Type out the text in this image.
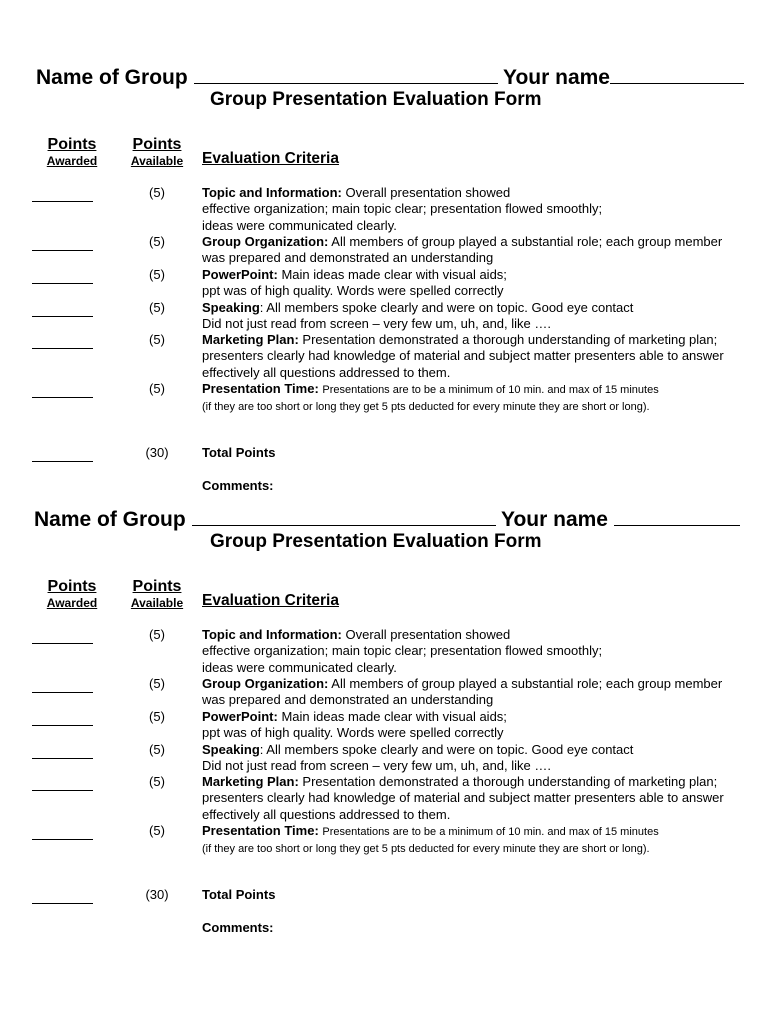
Name of Group	Your name
Group Presentation Evaluation Form
Points
Awarded
Points
Available	Evaluation Criteria
(5)	Topic and Information: Overall presentation showed
effective organization; main topic clear; presentation flowed smoothly;
ideas were communicated clearly.
(5)	Group Organization: All members of group played a substantial role; each group member
was prepared and demonstrated an understanding
(5)	PowerPoint: Main ideas made clear with visual aids;
ppt was of high quality. Words were spelled correctly
(5)	Speaking: All members spoke clearly and were on topic. Good eye contact
Did not just read from screen – very few um, uh, and, like ….
(5)	Marketing Plan: Presentation demonstrated a thorough understanding of marketing plan;
presenters clearly had knowledge of material and subject matter presenters able to answer
effectively all questions addressed to them.
(5)	Presentation Time: Presentations are to be a minimum of 10 min. and max of 15 minutes
(if they are too short or long they get 5 pts deducted for every minute they are short or long).
(30)	Total Points
Comments:
Name of Group	Your name
Group Presentation Evaluation Form
Points
Awarded
Points
Available	Evaluation Criteria
(5)	Topic and Information: Overall presentation showed
effective organization; main topic clear; presentation flowed smoothly;
ideas were communicated clearly.
(5)	Group Organization: All members of group played a substantial role; each group member
was prepared and demonstrated an understanding
(5)	PowerPoint: Main ideas made clear with visual aids;
ppt was of high quality. Words were spelled correctly
(5)	Speaking: All members spoke clearly and were on topic. Good eye contact
Did not just read from screen – very few um, uh, and, like ….
(5)	Marketing Plan: Presentation demonstrated a thorough understanding of marketing plan;
presenters clearly had knowledge of material and subject matter presenters able to answer
effectively all questions addressed to them.
(5)	Presentation Time: Presentations are to be a minimum of 10 min. and max of 15 minutes
(if they are too short or long they get 5 pts deducted for every minute they are short or long).
(30)	Total Points
Comments:
